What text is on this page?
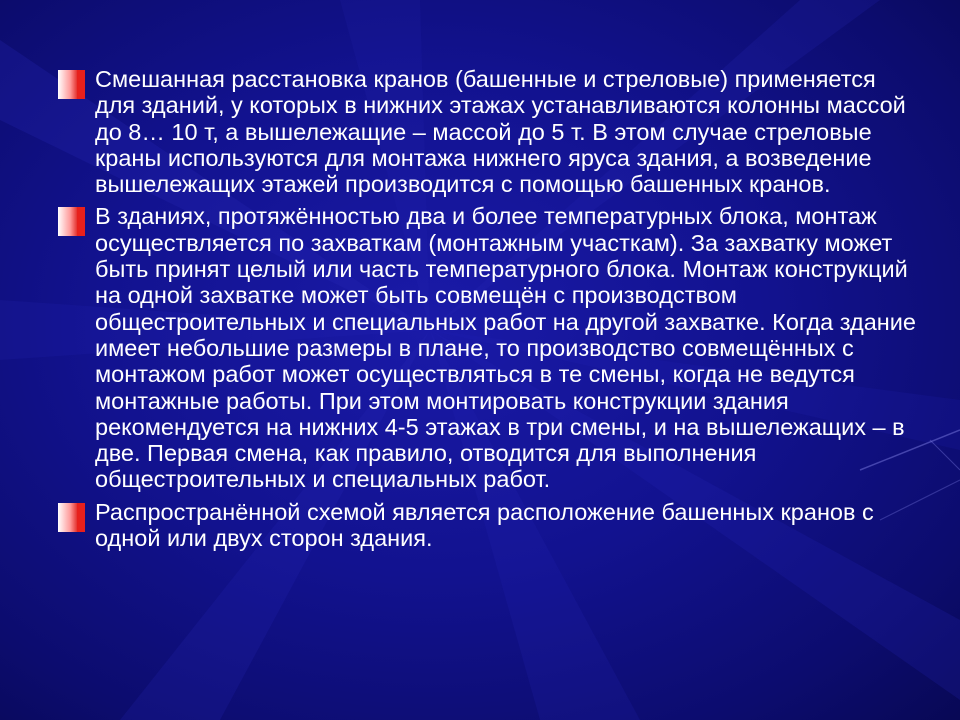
Смешанная расстановка кранов (башенные и стреловые) применяется для зданий, у которых в нижних этажах устанавливаются колонны массой до 8… 10 т, а вышележащие – массой до 5 т. В этом случае стреловые краны используются для монтажа нижнего яруса здания, а возведение вышележащих этажей производится с помощью башенных кранов.
В зданиях, протяжённостью два и более температурных блока, монтаж осуществляется по захваткам (монтажным участкам). За захватку может быть принят целый или часть температурного блока. Монтаж конструкций на одной захватке может быть совмещён с производством общестроительных и специальных работ на другой захватке. Когда здание имеет небольшие размеры в плане, то производство совмещённых с монтажом работ может осуществляться в те смены, когда не ведутся монтажные работы. При этом монтировать конструкции здания рекомендуется на нижних 4-5 этажах в три смены, и на вышележащих – в две. Первая смена, как правило, отводится для выполнения общестроительных и специальных работ.
Распространённой схемой является расположение башенных кранов с одной или двух сторон здания.
